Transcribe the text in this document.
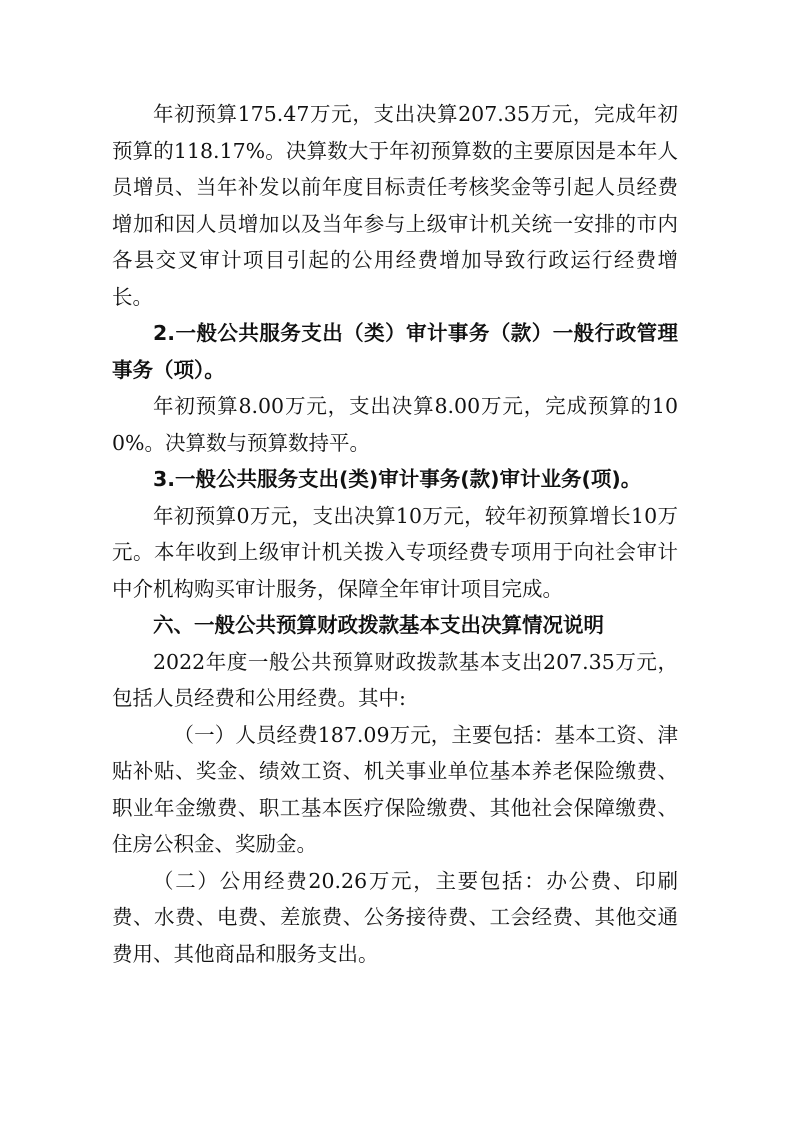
年初预算175.47万元，支出决算207.35万元，完成年初预算的118.17%。决算数大于年初预算数的主要原因是本年人员增员、当年补发以前年度目标责任考核奖金等引起人员经费增加和因人员增加以及当年参与上级审计机关统一安排的市内各县交叉审计项目引起的公用经费增加导致行政运行经费增长。

2.一般公共服务支出（类）审计事务（款）一般行政管理事务（项）。

年初预算8.00万元，支出决算8.00万元，完成预算的100%。决算数与预算数持平。

3.一般公共服务支出(类)审计事务(款)审计业务(项)。

年初预算0万元，支出决算10万元，较年初预算增长10万元。本年收到上级审计机关拨入专项经费专项用于向社会审计中介机构购买审计服务，保障全年审计项目完成。

六、一般公共预算财政拨款基本支出决算情况说明

2022年度一般公共预算财政拨款基本支出207.35万元，包括人员经费和公用经费。其中:

（一）人员经费187.09万元，主要包括：基本工资、津贴补贴、奖金、绩效工资、机关事业单位基本养老保险缴费、职业年金缴费、职工基本医疗保险缴费、其他社会保障缴费、住房公积金、奖励金。

（二）公用经费20.26万元，主要包括：办公费、印刷费、水费、电费、差旅费、公务接待费、工会经费、其他交通费用、其他商品和服务支出。
